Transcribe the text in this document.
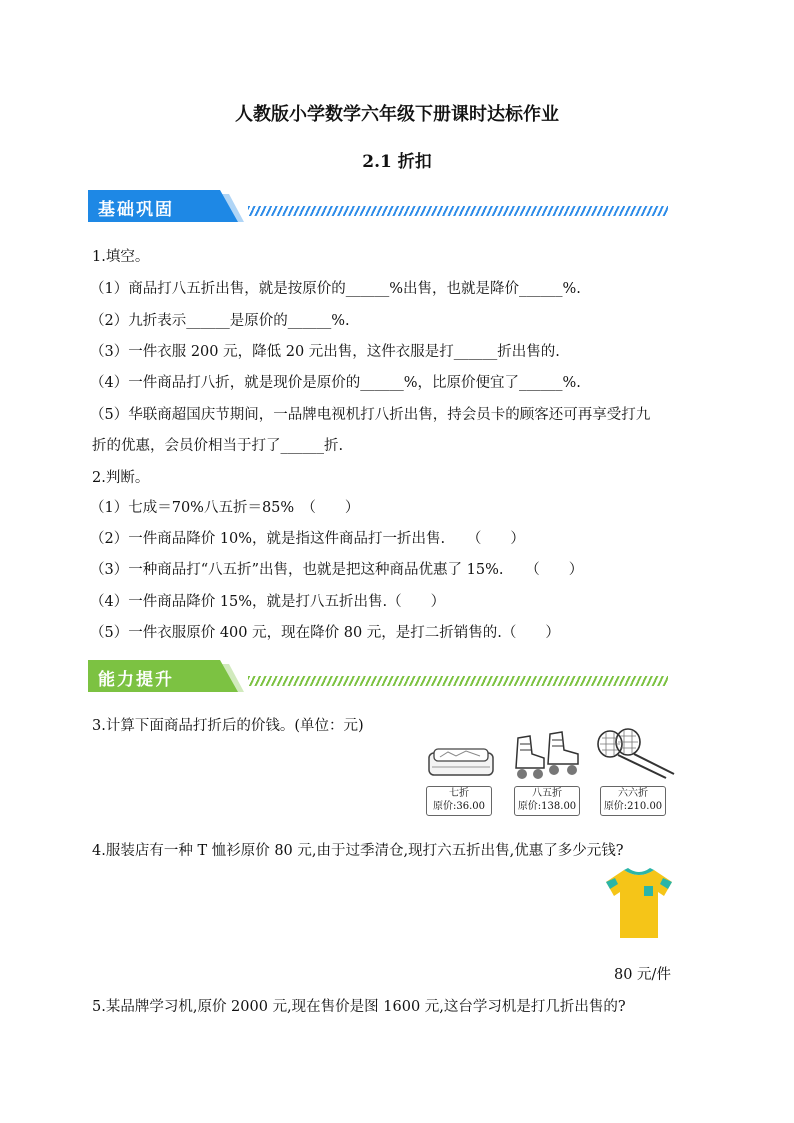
人教版小学数学六年级下册课时达标作业
2.1 折扣
基础巩固
1.填空。
（1）商品打八五折出售，就是按原价的______%出售，也就是降价______%.
（2）九折表示______是原价的______%.
（3）一件衣服 200 元，降低 20 元出售，这件衣服是打______折出售的.
（4）一件商品打八折，就是现价是原价的______%，比原价便宜了______%.
（5）华联商超国庆节期间，一品牌电视机打八折出售，持会员卡的顾客还可再享受打九
折的优惠，会员价相当于打了______折.
2.判断。
（1）七成＝70%八五折＝85%　（　　）
（2）一件商品降价 10%，就是指这件商品打一折出售.　　（　　）
（3）一种商品打“八五折”出售，也就是把这种商品优惠了 15%.　　（　　）
（4）一件商品降价 15%，就是打八五折出售.（　　）
（5）一件衣服原价 400 元，现在降价 80 元，是打二折销售的.（　　）
能力提升
3.计算下面商品打折后的价钱。(单位：元)
七折
原价:36.00
八五折
原价:138.00
六六折
原价:210.00
4.服装店有一种 T 恤衫原价 80 元,由于过季清仓,现打六五折出售,优惠了多少元钱?
80 元/件
5.某品牌学习机,原价 2000 元,现在售价是图 1600 元,这台学习机是打几折出售的?
